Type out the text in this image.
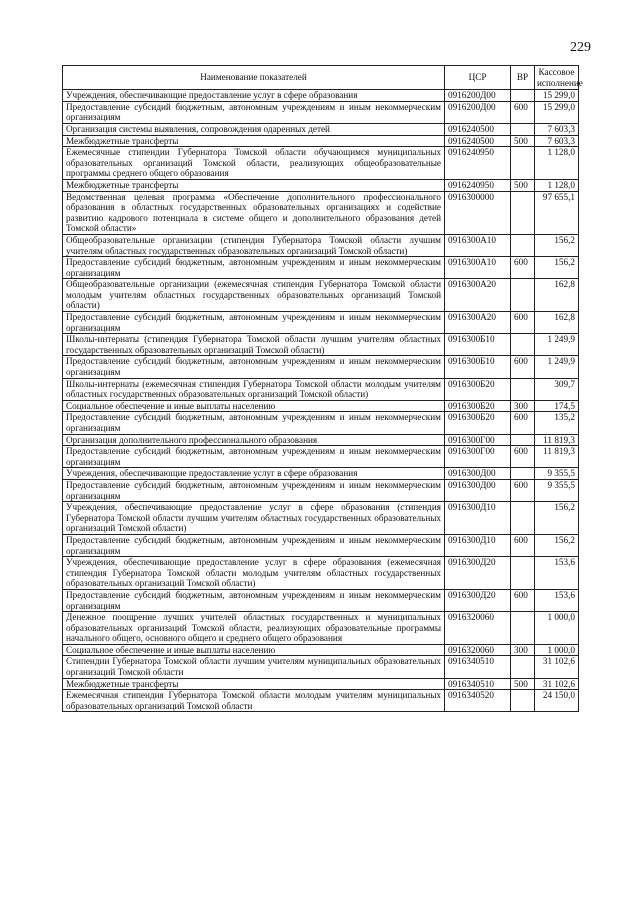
229
Наименование показателей	ЦСР	ВР	Кассовое исполнение
Учреждения, обеспечивающие предоставление услуг в сфере образования	0916200Д00		15 299,0
Предоставление субсидий бюджетным, автономным учреждениям и иным некоммерческим организациям	0916200Д00	600	15 299,0
Организация системы выявления, сопровождения одаренных детей	0916240500		7 603,3
Межбюджетные трансферты	0916240500	500	7 603,3
Ежемесячные стипендии Губернатора Томской области обучающимся муниципальных образовательных организаций Томской области, реализующих общеобразовательные программы среднего общего образования	0916240950		1 128,0
Межбюджетные трансферты	0916240950	500	1 128,0
Ведомственная целевая программа «Обеспечение дополнительного профессионального образования в областных государственных образовательных организациях и содействие развитию кадрового потенциала в системе общего и дополнительного образования детей Томской области»	0916300000		97 655,1
Общеобразовательные организации (стипендия Губернатора Томской области лучшим учителям областных государственных образовательных организаций Томской области)	0916300А10		156,2
Предоставление субсидий бюджетным, автономным учреждениям и иным некоммерческим организациям	0916300А10	600	156,2
Общеобразовательные организации (ежемесячная стипендия Губернатора Томской области молодым учителям областных государственных образовательных организаций Томской области)	0916300А20		162,8
Предоставление субсидий бюджетным, автономным учреждениям и иным некоммерческим организациям	0916300А20	600	162,8
Школы-интернаты (стипендия Губернатора Томской области лучшим учителям областных государственных образовательных организаций Томской области)	0916300Б10		1 249,9
Предоставление субсидий бюджетным, автономным учреждениям и иным некоммерческим организациям	0916300Б10	600	1 249,9
Школы-интернаты (ежемесячная стипендия Губернатора Томской области молодым учителям областных государственных образовательных организаций Томской области)	0916300Б20		309,7
Социальное обеспечение и иные выплаты населению	0916300Б20	300	174,5
Предоставление субсидий бюджетным, автономным учреждениям и иным некоммерческим организациям	0916300Б20	600	135,2
Организация дополнительного профессионального образования	0916300Г00		11 819,3
Предоставление субсидий бюджетным, автономным учреждениям и иным некоммерческим организациям	0916300Г00	600	11 819,3
Учреждения, обеспечивающие предоставление услуг в сфере образования	0916300Д00		9 355,5
Предоставление субсидий бюджетным, автономным учреждениям и иным некоммерческим организациям	0916300Д00	600	9 355,5
Учреждения, обеспечивающие предоставление услуг в сфере образования (стипендия Губернатора Томской области лучшим учителям областных государственных образовательных организаций Томской области)	0916300Д10		156,2
Предоставление субсидий бюджетным, автономным учреждениям и иным некоммерческим организациям	0916300Д10	600	156,2
Учреждения, обеспечивающие предоставление услуг в сфере образования (ежемесячная стипендия Губернатора Томской области молодым учителям областных государственных образовательных организаций Томской области)	0916300Д20		153,6
Предоставление субсидий бюджетным, автономным учреждениям и иным некоммерческим организациям	0916300Д20	600	153,6
Денежное поощрение лучших учителей областных государственных и муниципальных образовательных организаций Томской области, реализующих образовательные программы начального общего, основного общего и среднего общего образования	0916320060		1 000,0
Социальное обеспечение и иные выплаты населению	0916320060	300	1 000,0
Стипендии Губернатора Томской области лучшим учителям муниципальных образовательных организаций Томской области	0916340510		31 102,6
Межбюджетные трансферты	0916340510	500	31 102,6
Ежемесячная стипендия Губернатора Томской области молодым учителям муниципальных образовательных организаций Томской области	0916340520		24 150,0
